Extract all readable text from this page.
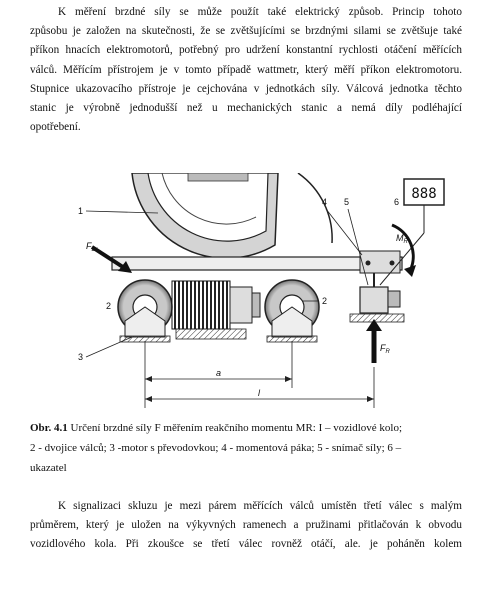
K měření brzdné síly se může použít také elektrický způsob. Princip tohoto
způsobu je založen na skutečnosti, že se zvětšujícími se brzdnými silami se zvětšuje také
příkon hnacích elektromotorů, potřebný pro udržení konstantní rychlosti otáčení měřících
válců. Měřícím přístrojem je v tomto případě wattmetr, který měří příkon elektromotoru.
Stupnice ukazovacího přístroje je cejchována v jednotkách síly. Válcová jednotka těchto
stanic je výrobně jednodušší než u mechanických stanic a nemá díly podléhající
opotřebení.
888
1
2	2
3
4 5	6
$F_{Br}$
$M_R$
$F_R$
a
l
Obr. 4.1 Určení brzdné síly F měřením reakčního momentu MR: I – vozidlové kolo;
2 - dvojice válců; 3 -motor s převodovkou; 4 - momentová páka; 5 - snímač síly; 6 –
ukazatel
K signalizaci skluzu je mezi párem měřících válců umístěn třetí válec s malým
průměrem, který je uložen na výkyvných ramenech a pružinami přitlačován k obvodu
vozidlového kola. Při zkoušce se třetí válec rovněž otáčí, ale. je poháněn kolem
